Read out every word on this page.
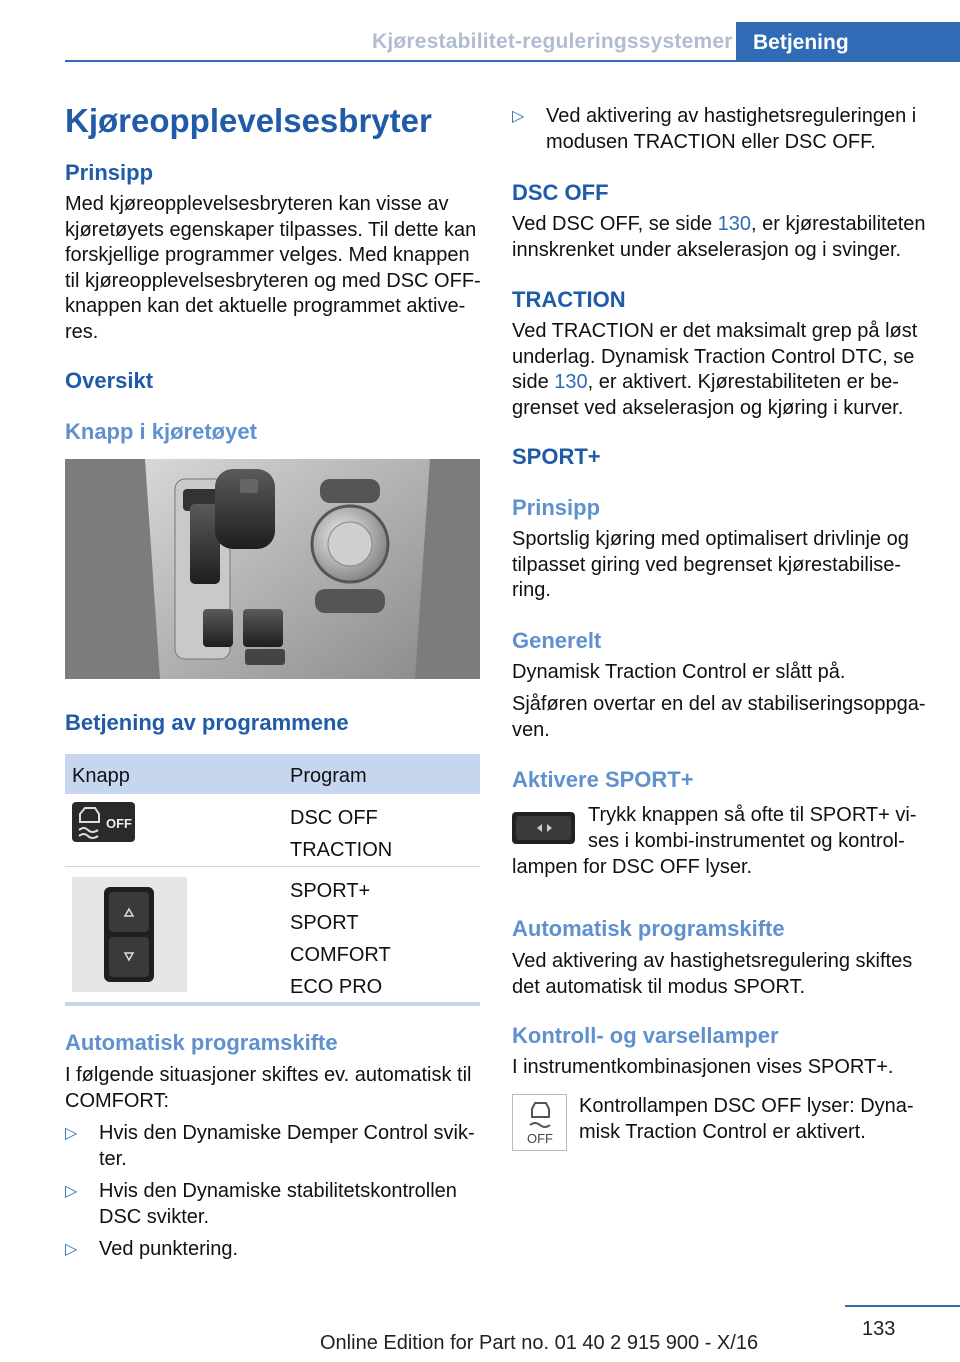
Kjørestabilitet-reguleringssystemer Betjening
Kjøreopplevelsesbryter
Prinsipp

Med kjøreopplevelsesbryteren kan visse av kjøretøyets egenskaper tilpasses. Til dette kan forskjellige programmer velges. Med knappen til kjøreopplevelsesbryteren og med DSC OFF-knappen kan det aktuelle programmet aktive-res.

Oversikt
Knapp i kjøretøyet
Betjening av programmene
Knapp	Program
OFF	DSC OFF
TRACTION
SPORT+
SPORT
COMFORT
ECO PRO
Automatisk programskifte

I følgende situasjoner skiftes ev. automatisk til COMFORT:

▷ Hvis den Dynamiske Demper Control svik-ter.
▷ Hvis den Dynamiske stabilitetskontrollen DSC svikter.
▷ Ved punktering.
▷ Ved aktivering av hastighetsreguleringen i modusen TRACTION eller DSC OFF.
DSC OFF

Ved DSC OFF, se side 130, er kjørestabiliteten innskrenket under akselerasjon og i svinger.

TRACTION

Ved TRACTION er det maksimalt grep på løst underlag. Dynamisk Traction Control DTC, se side 130, er aktivert. Kjørestabiliteten er be-grenset ved akselerasjon og kjøring i kurver.

SPORT+
Prinsipp

Sportslig kjøring med optimalisert drivlinje og tilpasset giring ved begrenset kjørestabilise-ring.

Generelt

Dynamisk Traction Control er slått på.

Sjåføren overtar en del av stabiliseringsoppga-ven.

Aktivere SPORT+

Trykk knappen så ofte til SPORT+ vi-ses i kombi-instrumentet og kontrol-

lampen for DSC OFF lyser.

Automatisk programskifte

Ved aktivering av hastighetsregulering skiftes det automatisk til modus SPORT.

Kontroll- og varsellamper

I instrumentkombinasjonen vises SPORT+.

OFF

Kontrollampen DSC OFF lyser: Dyna-misk Traction Control er aktivert.

133
Online Edition for Part no. 01 40 2 915 900 - X/16
